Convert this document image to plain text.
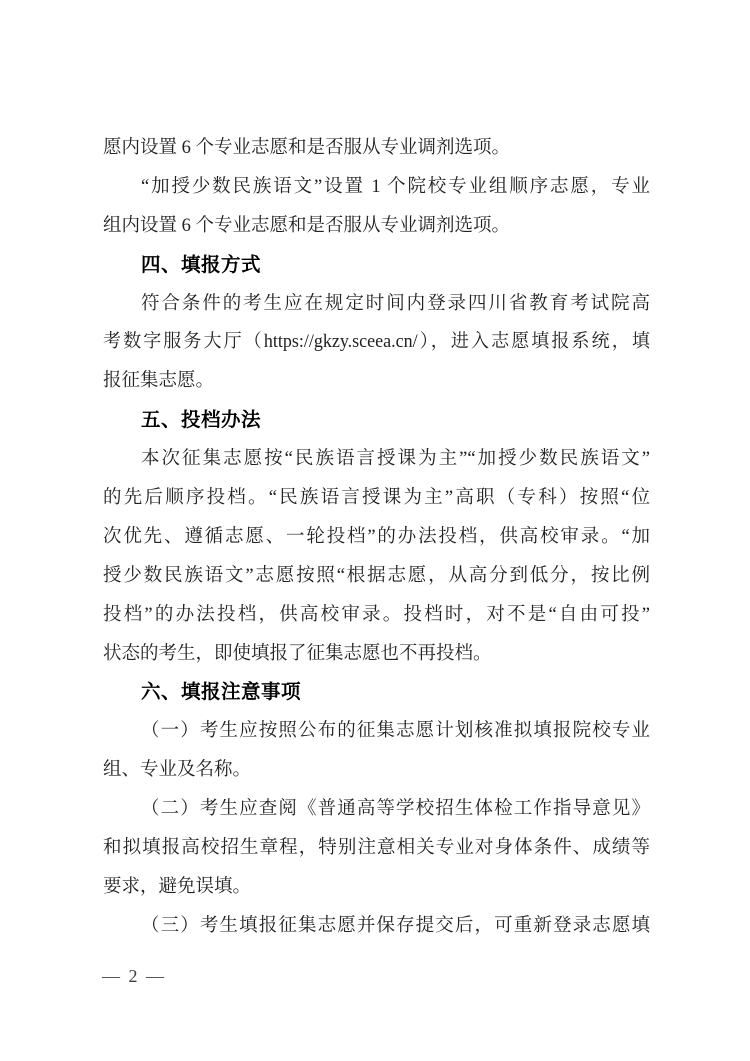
愿内设置 6 个专业志愿和是否服从专业调剂选项。
“加授少数民族语文”设置 1 个院校专业组顺序志愿，专业
组内设置 6 个专业志愿和是否服从专业调剂选项。
四、填报方式
符合条件的考生应在规定时间内登录四川省教育考试院高
考数字服务大厅（https://gkzy.sceea.cn/），进入志愿填报系统，填
报征集志愿。
五、投档办法
本次征集志愿按“民族语言授课为主”“加授少数民族语文”
的先后顺序投档。“民族语言授课为主”高职（专科）按照“位
次优先、遵循志愿、一轮投档”的办法投档，供高校审录。“加
授少数民族语文”志愿按照“根据志愿，从高分到低分，按比例
投档”的办法投档，供高校审录。投档时，对不是“自由可投”
状态的考生，即使填报了征集志愿也不再投档。
六、填报注意事项
（一）考生应按照公布的征集志愿计划核准拟填报院校专业
组、专业及名称。
（二）考生应查阅《普通高等学校招生体检工作指导意见》
和拟填报高校招生章程，特别注意相关专业对身体条件、成绩等
要求，避免误填。
（三）考生填报征集志愿并保存提交后，可重新登录志愿填
— 2 —
